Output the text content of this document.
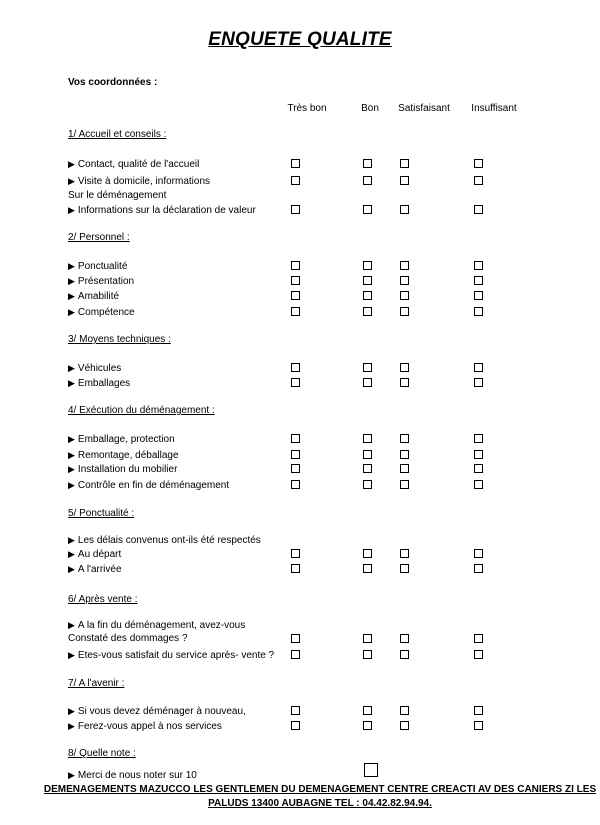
ENQUETE QUALITE
Vos coordonnées :
Très bon	Bon Satisfaisant Insuffisant
1/ Accueil et conseils :
▶ Contact, qualité de l'accueil
▶ Visite à domicile, informations
Sur le déménagement
▶ Informations sur la déclaration de valeur
2/ Personnel :
▶ Ponctualité
▶ Présentation
▶ Amabilité
▶ Compétence
3/ Moyens techniques :
▶ Véhicules
▶ Emballages
4/ Exécution du déménagement :
▶ Emballage, protection
▶ Remontage, déballage
▶ Installation du mobilier
▶ Contrôle en fin de déménagement
5/ Ponctualité :
▶ Les délais convenus ont-ils été respectés
▶ Au départ
▶ A l'arrivée
6/ Après vente :
▶ A la fin du déménagement, avez-vous
Constaté des dommages ?
▶ Etes-vous satisfait du service après- vente ?
7/ A l'avenir :
▶ Si vous devez déménager à nouveau,
▶ Ferez-vous appel à nos services
8/ Quelle note :
▶ Merci de nous noter sur 10
DEMENAGEMENTS MAZUCCO LES GENTLEMEN DU DEMENAGEMENT CENTRE CREACTI AV DES CANIERS ZI LES PALUDS 13400 AUBAGNE TEL : 04.42.82.94.94.
